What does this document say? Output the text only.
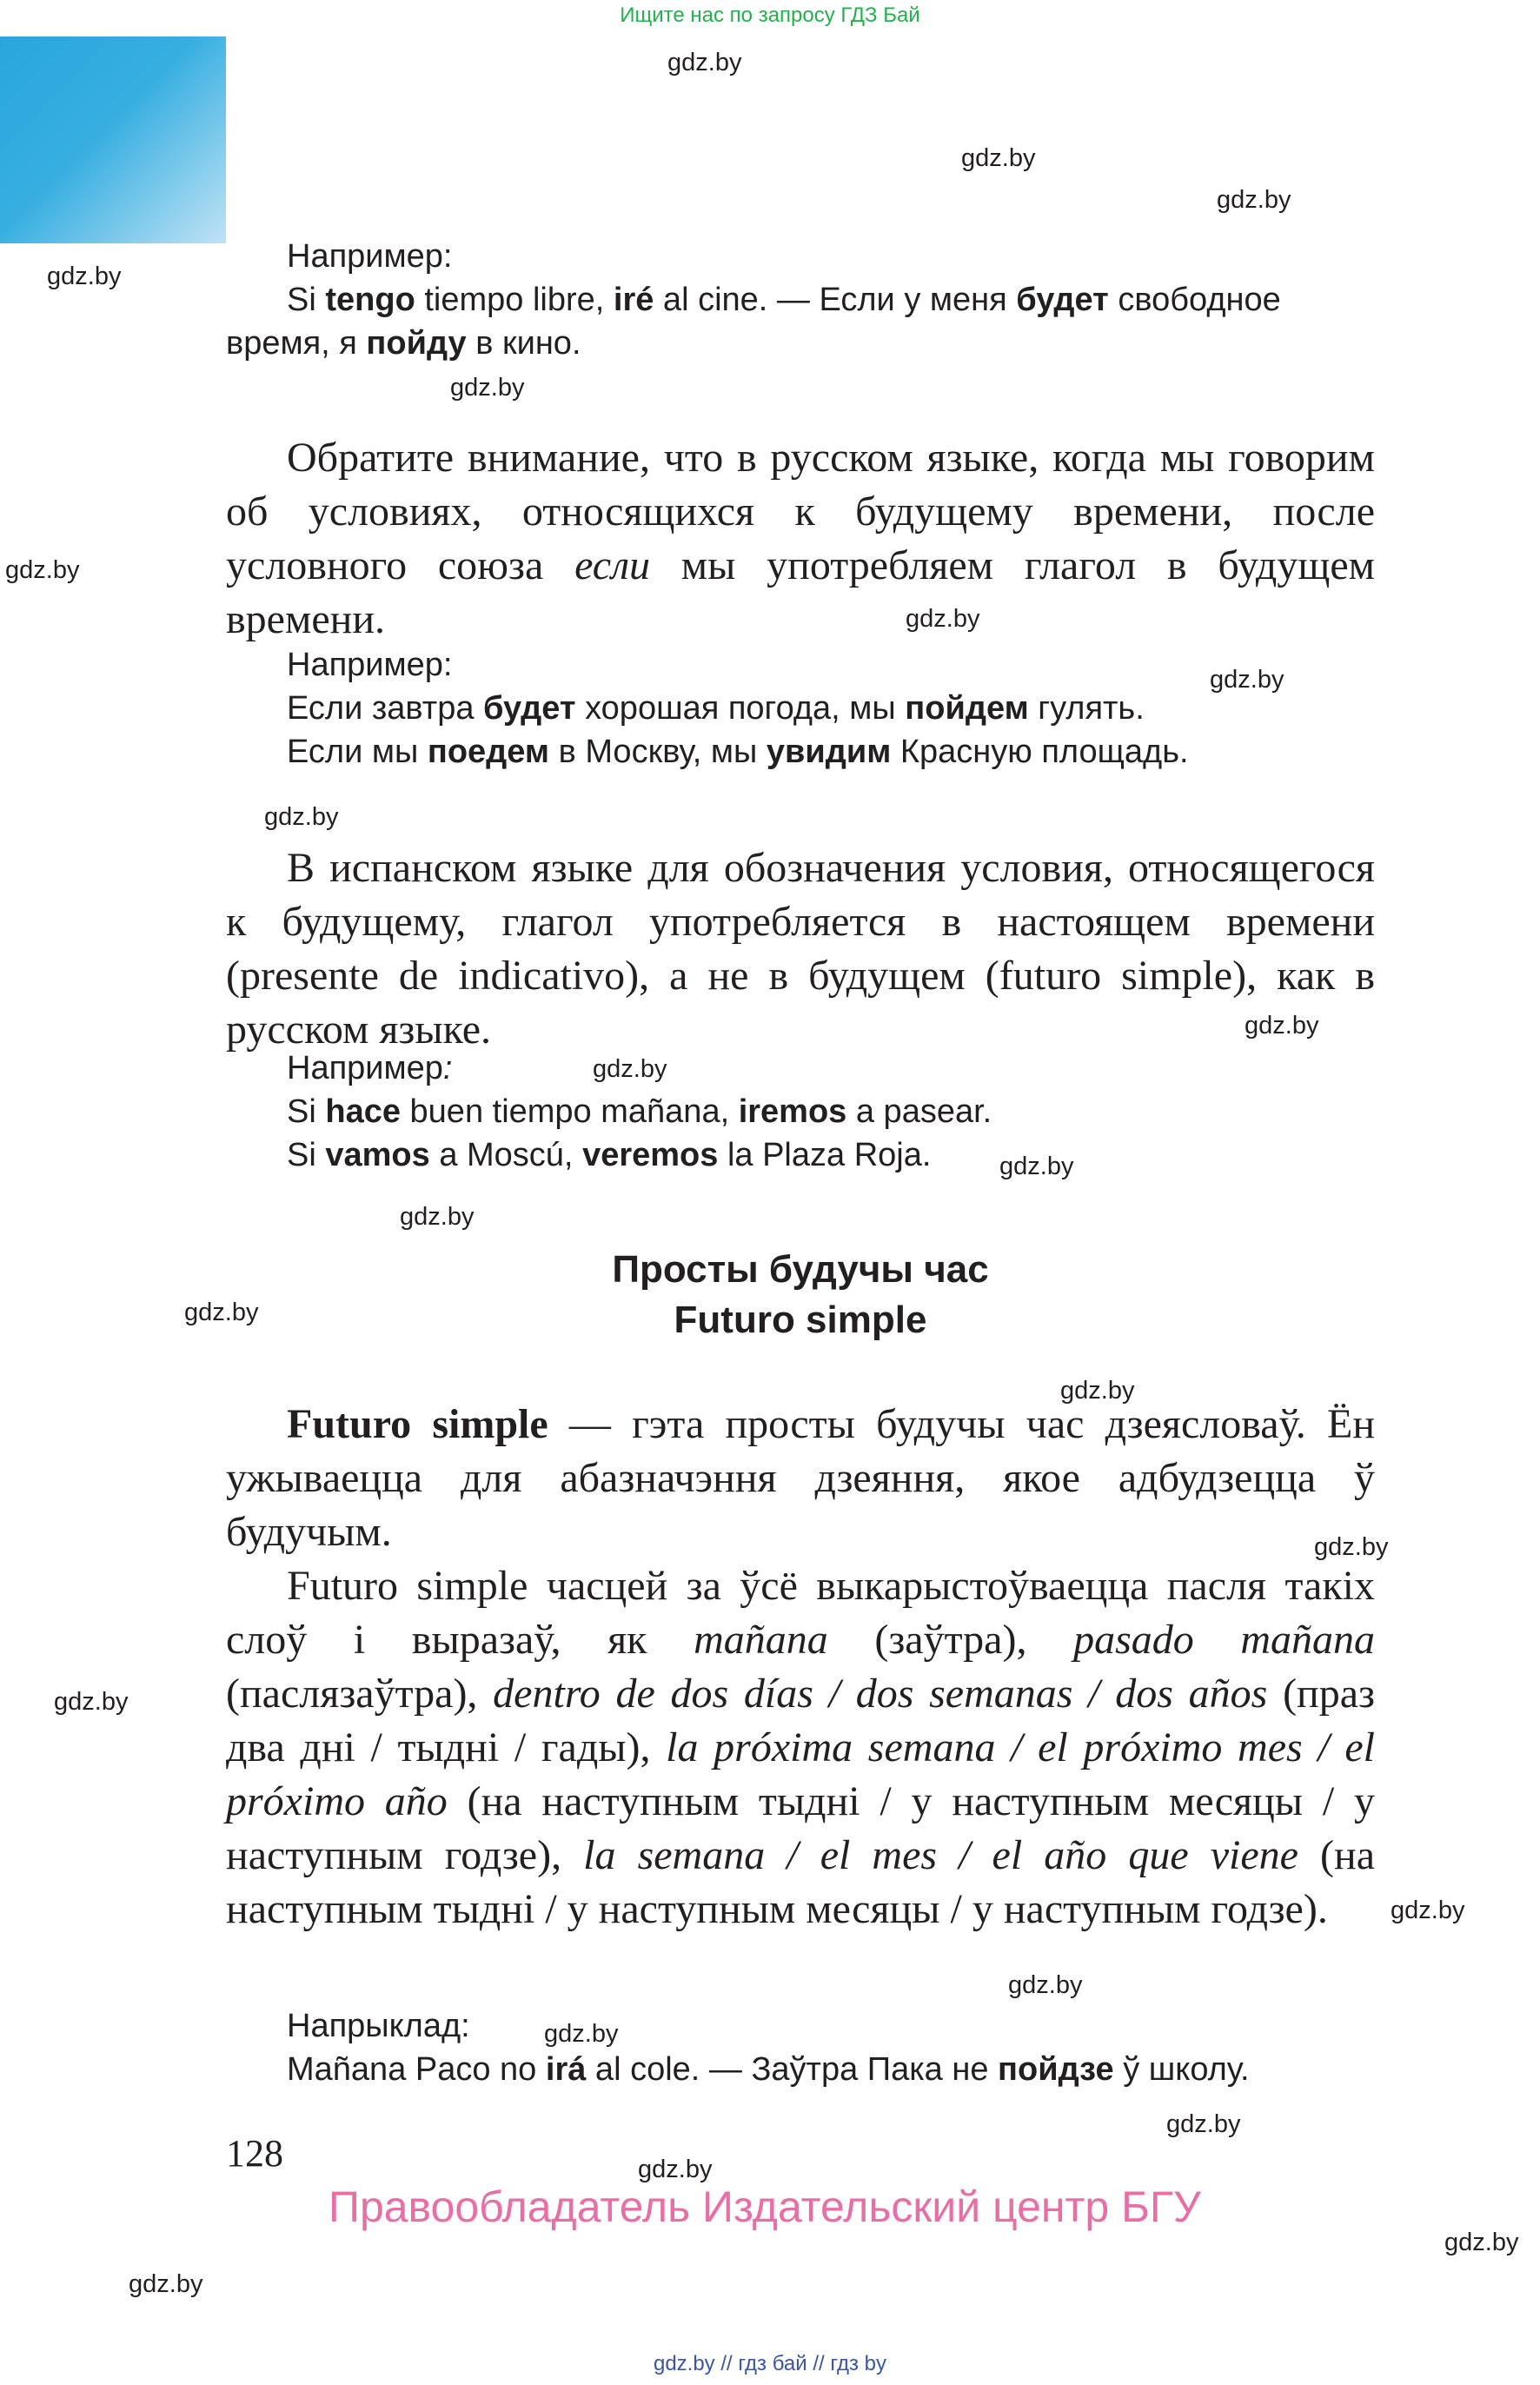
Ищите нас по запросу ГДЗ Бай
gdz.by
gdz.by
gdz.by
gdz.by
gdz.by
gdz.by
gdz.by
gdz.by
gdz.by
gdz.by
gdz.by
gdz.by
gdz.by
gdz.by
gdz.by
gdz.by
gdz.by
gdz.by
gdz.by
gdz.by
gdz.by
gdz.by
gdz.by
gdz.by
Например:
Si tengo tiempo libre, iré al cine. — Если у меня будет свободное
время, я пойду в кино.

Обратите внимание, что в русском языке, когда мы говорим об условиях, относящихся к будущему времени, после условного союза если мы употребляем глагол в будущем времени.

Например:
Если завтра будет хорошая погода, мы пойдем гулять.
Если мы поедем в Москву, мы увидим Красную площадь.

В испанском языке для обозначения условия, относящегося к будущему, глагол употребляется в настоящем времени (presente de indicativo), а не в будущем (futuro simple), как в русском языке.

Например:
Si hace buen tiempo mañana, iremos a pasear.
Si vamos a Moscú, veremos la Plaza Roja.
Просты будучы час
Futuro simple

Futuro simple — гэта просты будучы час дзеясловаў. Ён ужываецца для абазначэння дзеяння, якое адбудзецца ў будучым.

Futuro simple часцей за ўсё выкарыстоўваецца пасля такіх слоў і выразаў, як mañana (заўтра), pasado mañana (паслязаўтра), dentro de dos días / dos semanas / dos años (праз два дні / тыдні / гады), la próxima semana / el próximo mes / el próximo año (на наступным тыдні / у наступным месяцы / у наступным годзе), la semana / el mes / el año que viene (на наступным тыдні / у наступным месяцы / у наступным годзе).

Напрыклад:
Mañana Paco no irá al cole. — Заўтра Пака не пойдзе ў школу.
128
Правообладатель Издательский центр БГУ
gdz.by // гдз бай // гдз by
